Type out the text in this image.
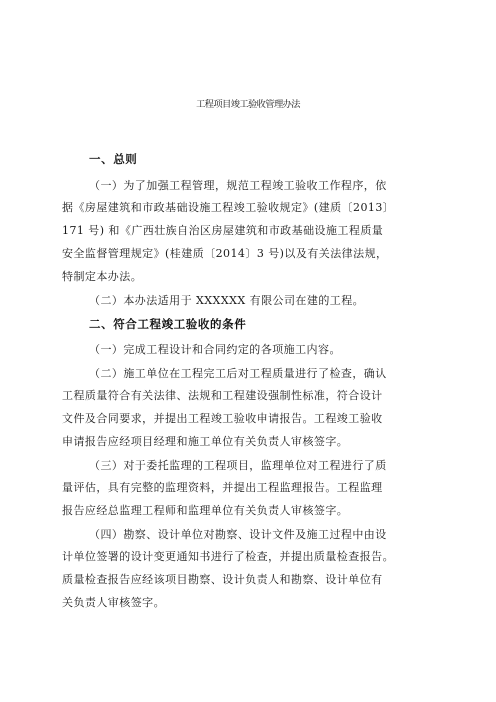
工程项目竣工验收管理办法
一、总则
（一）为了加强工程管理，规范工程竣工验收工作程序，依
据《房屋建筑和市政基础设施工程竣工验收规定》(建质〔2013〕
171 号) 和《广西壮族自治区房屋建筑和市政基础设施工程质量
安全监督管理规定》(桂建质〔2014〕3 号)以及有关法律法规，
特制定本办法。
（二）本办法适用于 XXXXXX 有限公司在建的工程。
二、符合工程竣工验收的条件
（一）完成工程设计和合同约定的各项施工内容。
（二）施工单位在工程完工后对工程质量进行了检查，确认
工程质量符合有关法律、法规和工程建设强制性标准，符合设计
文件及合同要求，并提出工程竣工验收申请报告。工程竣工验收
申请报告应经项目经理和施工单位有关负责人审核签字。
（三）对于委托监理的工程项目，监理单位对工程进行了质
量评估，具有完整的监理资料，并提出工程监理报告。工程监理
报告应经总监理工程师和监理单位有关负责人审核签字。
（四）勘察、设计单位对勘察、设计文件及施工过程中由设
计单位签署的设计变更通知书进行了检查，并提出质量检查报告。
质量检查报告应经该项目勘察、设计负责人和勘察、设计单位有
关负责人审核签字。
